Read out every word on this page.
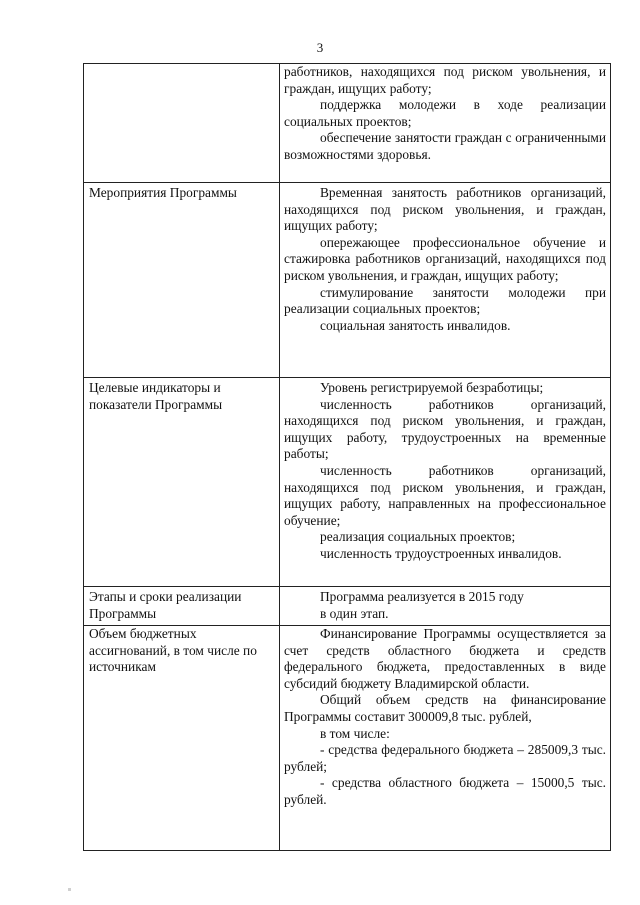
3

	работников, находящихся под риском увольнения, и граждан, ищущих работу;

поддержка молодежи в ходе реализации социальных проектов;

обеспечение занятости граждан с ограниченными возможностями здоровья.

Мероприятия Программы	Временная занятость работников организаций, находящихся под риском увольнения, и граждан, ищущих работу;

опережающее профессиональное обучение и стажировка работников организаций, находящихся под риском увольнения, и граждан, ищущих работу;

стимулирование занятости молодежи при реализации социальных проектов;

социальная занятость инвалидов.

Целевые индикаторы и показатели Программы	Уровень регистрируемой безработицы;

численность работников организаций, находящихся под риском увольнения, и граждан, ищущих работу, трудоустроенных на временные работы;

численность работников организаций, находящихся под риском увольнения, и граждан, ищущих работу, направленных на профессиональное обучение;

реализация социальных проектов;

численность трудоустроенных инвалидов.

Этапы и сроки реализации Программы	Программа реализуется в 2015 году

в один этап.

Объем бюджетных ассигнований, в том числе по источникам	Финансирование Программы осуществляется за счет средств областного бюджета и средств федерального бюджета, предоставленных в виде субсидий бюджету Владимирской области.

Общий объем средств на финансирование Программы составит 300009,8 тыс. рублей,

в том числе:

- средства федерального бюджета – 285009,3 тыс. рублей;

- средства областного бюджета – 15000,5 тыс. рублей.
